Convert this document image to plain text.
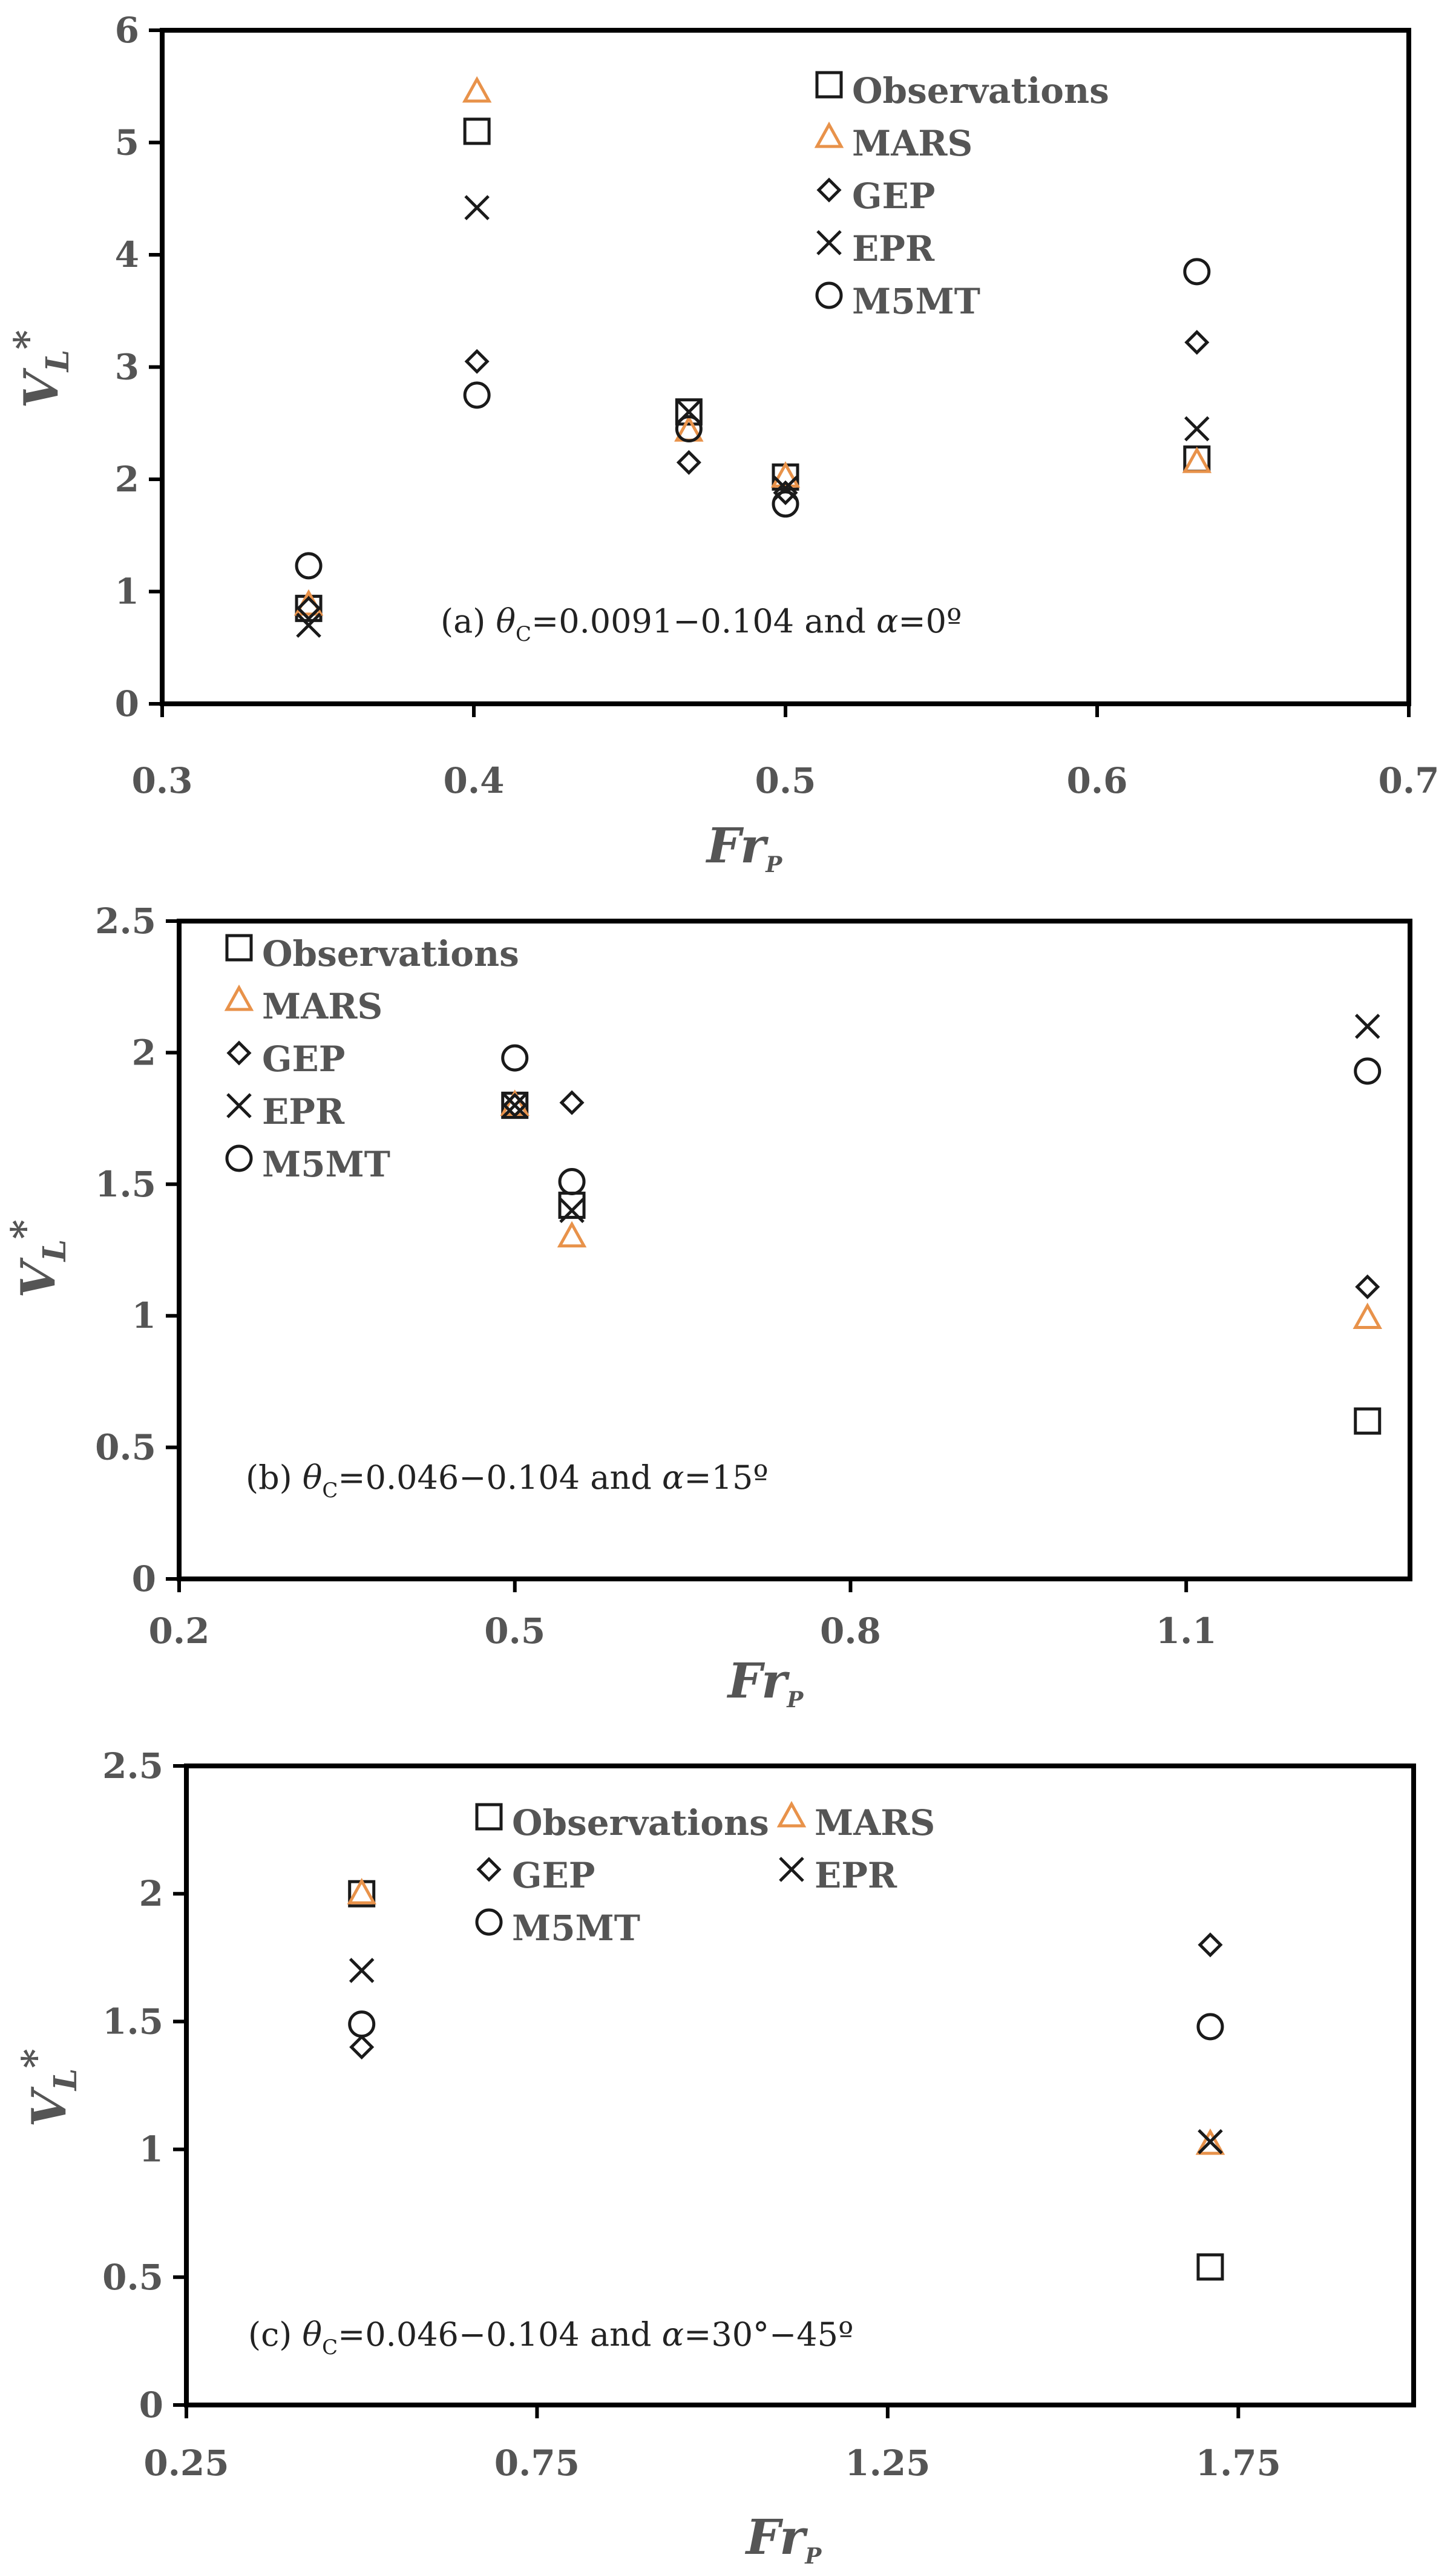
0
1
2
3
4
5
6
0.3	0.4	0.5	0.6	0.7
$V_L^*$
$Fr_P$
Observations
MARS
GEP
EPR
M5MT
(a) $\theta_C=0.0091-0.104$ and α=0º
0
0.5
1
1.5
2
2.5
0.2	0.5	0.8	1.1
$V_L^*$
$Fr_P$
Observations
MARS
GEP
EPR
M5MT
(b) $\theta_C=0.046-0.104$ and α=15º
0
0.5
1
1.5
2
2.5
0.25	0.75	1.25	1.75
$V_L^*$
$Fr_P$
Observations MARS
GEP	EPR
M5MT
(c) $\theta_C=0.046-0.104$ and α=30°−45º
